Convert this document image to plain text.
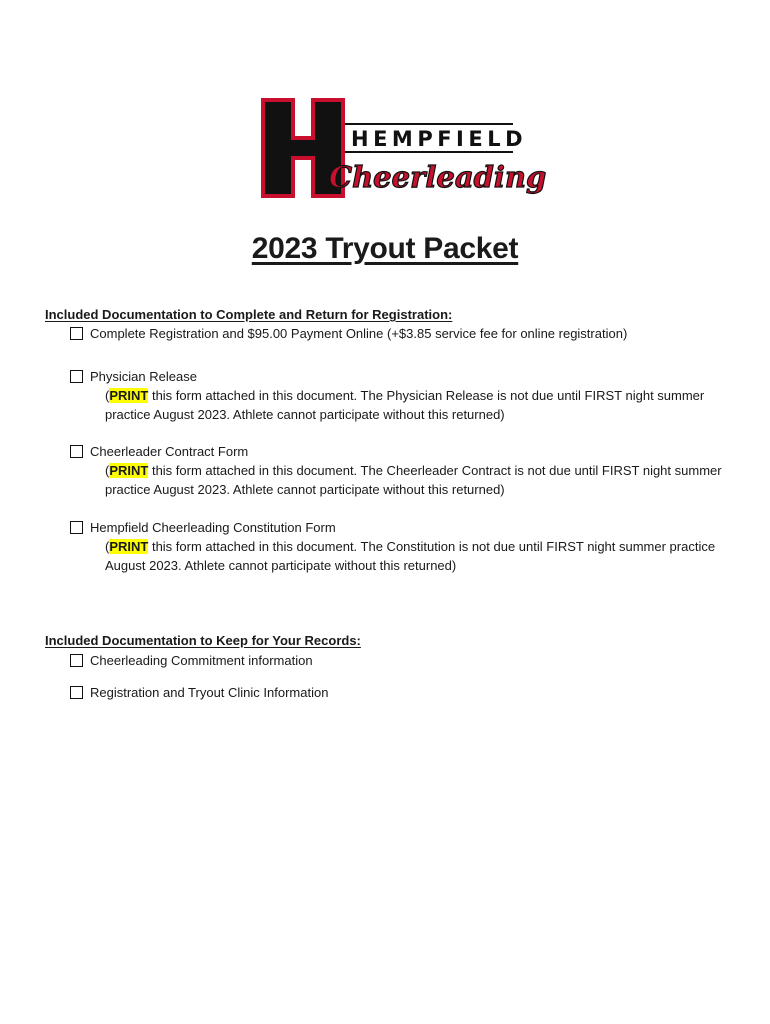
HEMPFIELD
Cheerleading
2023 Tryout Packet
Included Documentation to Complete and Return for Registration:
Complete Registration and $95.00 Payment Online (+$3.85 service fee for online registration)
Physician Release
(PRINT this form attached in this document. The Physician Release is not due until FIRST night summer practice August 2023. Athlete cannot participate without this returned)
Cheerleader Contract Form
(PRINT this form attached in this document. The Cheerleader Contract is not due until FIRST night summer practice August 2023. Athlete cannot participate without this returned)
Hempfield Cheerleading Constitution Form
(PRINT this form attached in this document. The Constitution is not due until FIRST night summer practice August 2023. Athlete cannot participate without this returned)
Included Documentation to Keep for Your Records:
Cheerleading Commitment information
Registration and Tryout Clinic Information
